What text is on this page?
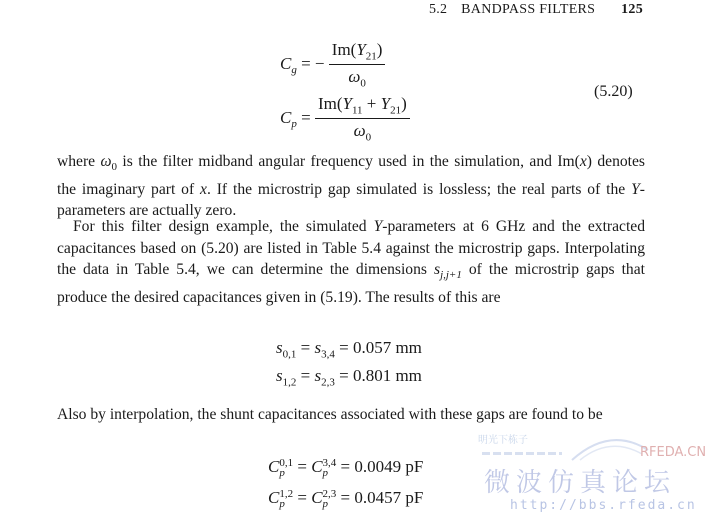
5.2 BANDPASS FILTERS 125
$C_g$ = − $\frac{Im(Y_{21})}{\omega_0}$
$C_p = \frac{Im(Y_{11} + Y_{21})}{\omega_0}$
(5.20)

where $\omega_0$ is the filter midband angular frequency used in the simulation, and Im(x) denotes the imaginary part of x. If the microstrip gap simulated is lossless; the real parts of the Y-parameters are actually zero.

For this filter design example, the simulated Y-parameters at 6 GHz and the extracted capacitances based on (5.20) are listed in Table 5.4 against the microstrip gaps. Interpolating the data in Table 5.4, we can determine the dimensions $s_{j,j+1}$ of the microstrip gaps that produce the desired capacitances given in (5.19). The results of this are

$s_{0,1} = s_{3,4} = 0.057$ mm
$s_{1,2} = s_{2,3} = 0.801$ mm

Also by interpolation, the shunt capacitances associated with these gaps are found to be

C 0,1
p = C 3,4
p = 0.0049 pF
C 1,2
p = C 2,3
p = 0.0457 pF
明光下栋子
RFEDA.CN
微波仿真论坛
http://bbs.rfeda.cn
